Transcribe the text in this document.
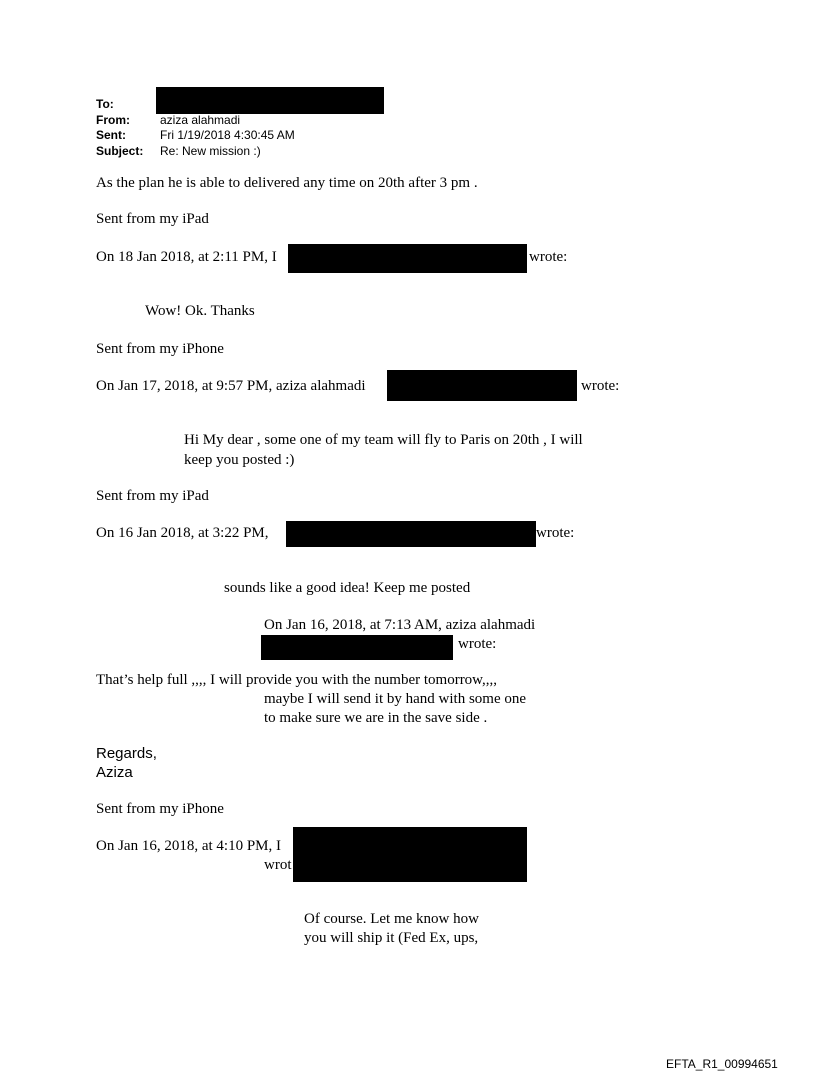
To:
From:	aziza alahmadi
Sent:	Fri 1/19/2018 4:30:45 AM
Subject: Re: New mission :)
As the plan he is able to delivered any time on 20th after 3 pm .
Sent from my iPad
On 18 Jan 2018, at 2:11 PM, I	wrote:
Wow! Ok. Thanks
Sent from my iPhone
On Jan 17, 2018, at 9:57 PM, aziza alahmadi	wrote:
Hi My dear , some one of my team will fly to Paris on 20th , I will
keep you posted :)
Sent from my iPad
On 16 Jan 2018, at 3:22 PM,	wrote:
sounds like a good idea! Keep me posted
On Jan 16, 2018, at 7:13 AM, aziza alahmadi
wrote:
That’s help full ,,,, I will provide you with the number tomorrow,,,,
maybe I will send it by hand with some one
to make sure we are in the save side .
Regards,
Aziza
Sent from my iPhone
On Jan 16, 2018, at 4:10 PM, I
wrot
Of course. Let me know how
you will ship it (Fed Ex, ups,
EFTA_R1_00994651
